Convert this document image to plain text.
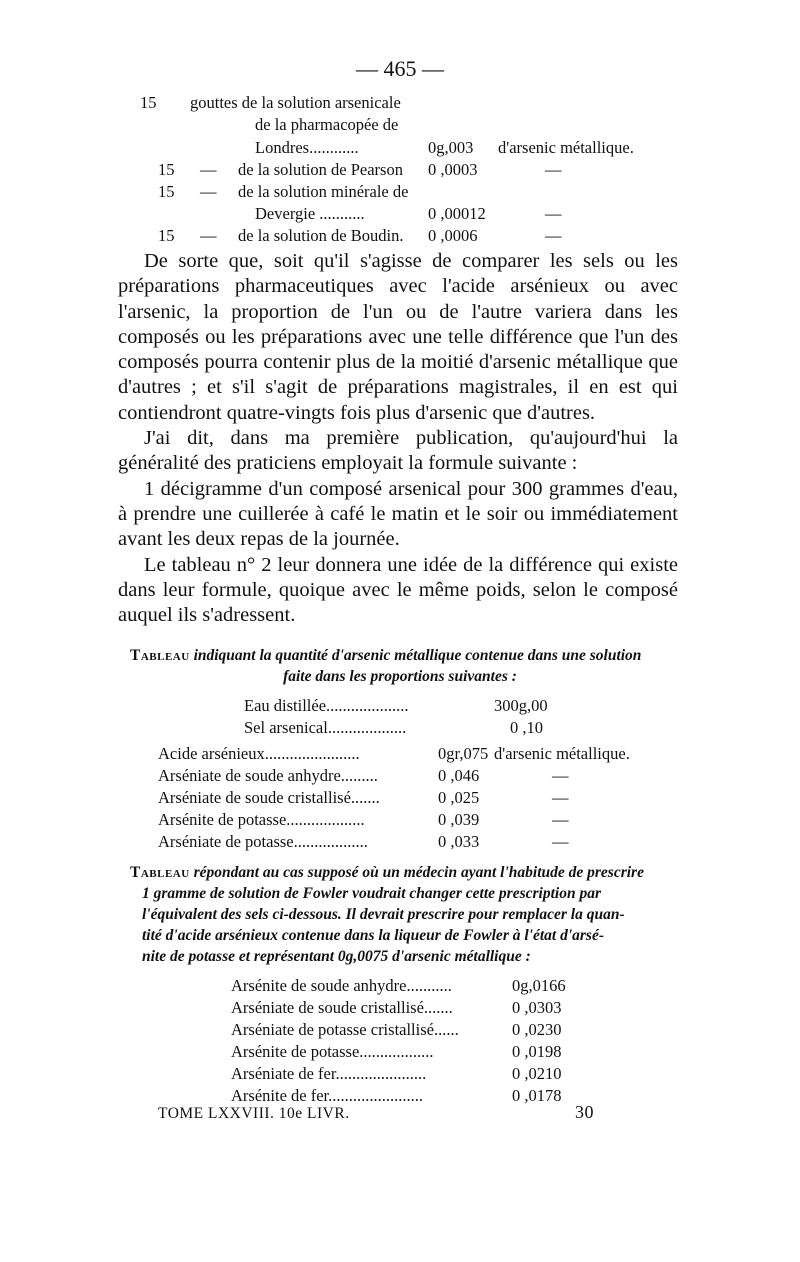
— 465 —
15 gouttes de la solution arsenicale
de la pharmacopée de
Londres............	0g,003 d'arsenic métallique.
15 — de la solution de Pearson 0 ,0003	—
15 — de la solution minérale de
Devergie ...........	0 ,00012	—
15 — de la solution de Boudin. 0 ,0006	—

De sorte que, soit qu'il s'agisse de comparer les sels ou les préparations pharmaceutiques avec l'acide arsénieux ou avec l'arsenic, la proportion de l'un ou de l'autre variera dans les composés ou les préparations avec une telle différence que l'un des composés pourra contenir plus de la moitié d'arsenic métallique que d'autres ; et s'il s'agit de préparations magistrales, il en est qui contiendront quatre-vingts fois plus d'arsenic que d'autres.

J'ai dit, dans ma première publication, qu'aujourd'hui la généralité des praticiens employait la formule suivante :

1 décigramme d'un composé arsenical pour 300 grammes d'eau, à prendre une cuillerée à café le matin et le soir ou immédiatement avant les deux repas de la journée.

Le tableau n° 2 leur donnera une idée de la différence qui existe dans leur formule, quoique avec le même poids, selon le composé auquel ils s'adressent.

Tableau indiquant la quantité d'arsenic métallique contenue dans une solution

faite dans les proportions suivantes :

Eau distillée....................	300g,00
Sel arsenical...................	0 ,10
Acide arsénieux.......................	0gr,075 d'arsenic métallique.
Arséniate de soude anhydre.........	0 ,046	—
Arséniate de soude cristallisé.......	0 ,025	—
Arsénite de potasse...................	0 ,039	—
Arséniate de potasse..................	0 ,033	—

Tableau répondant au cas supposé où un médecin ayant l'habitude de prescrire

1 gramme de solution de Fowler voudrait changer cette prescription par

l'équivalent des sels ci-dessous. Il devrait prescrire pour remplacer la quan-

tité d'acide arsénieux contenue dans la liqueur de Fowler à l'état d'arsé-

nite de potasse et représentant 0g,0075 d'arsenic métallique :

Arsénite de soude anhydre...........	0g,0166
Arséniate de soude cristallisé.......	0 ,0303
Arséniate de potasse cristallisé......	0 ,0230
Arsénite de potasse..................	0 ,0198
Arséniate de fer......................	0 ,0210
Arsénite de fer.......................	0 ,0178
TOME LXXVIII. 10e LIVR.	30
